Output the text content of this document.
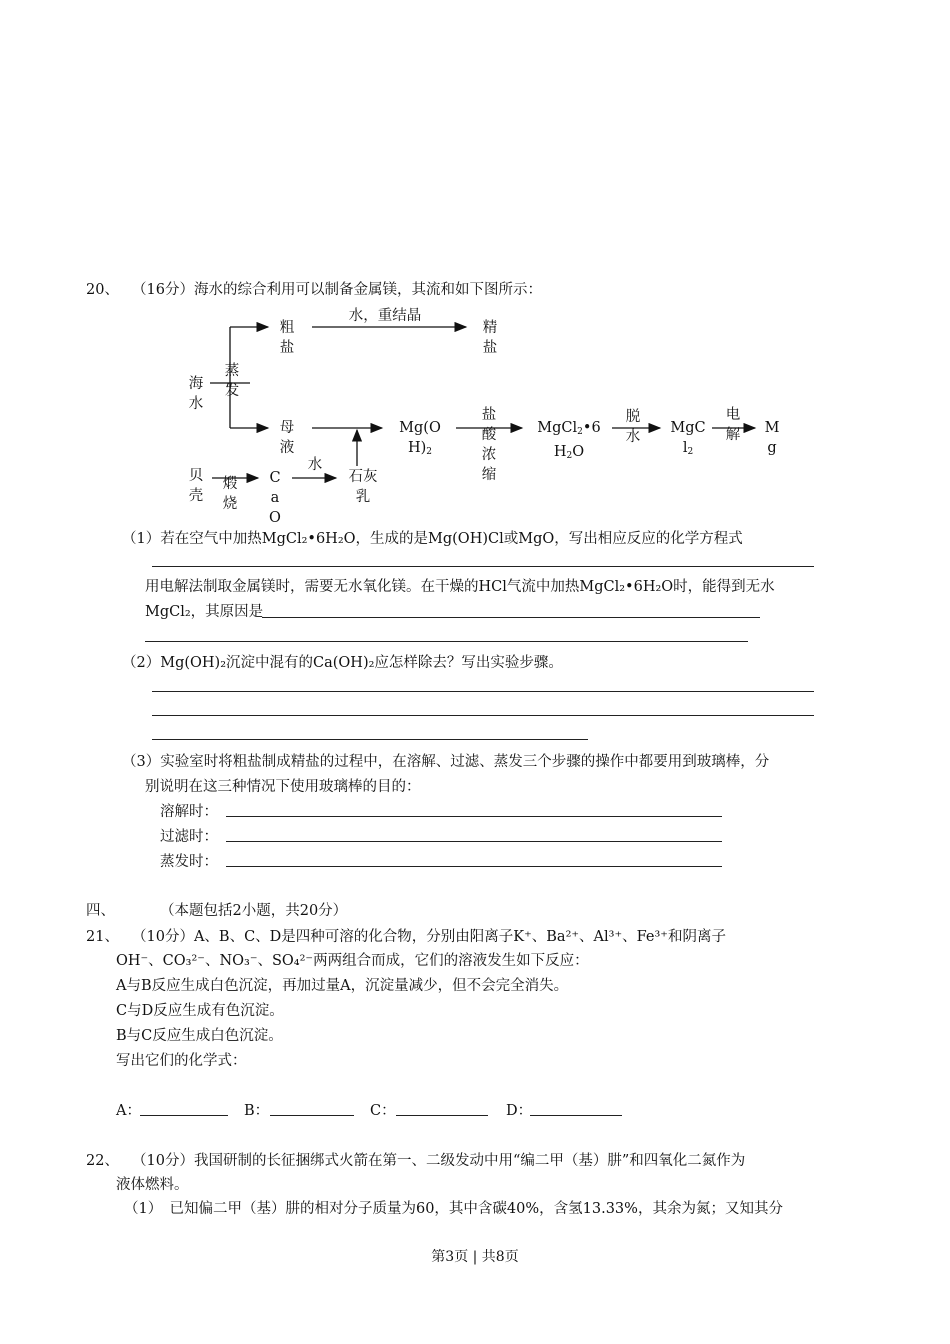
20、 （16分）海水的综合利用可以制备金属镁，其流和如下图所示：
海
水
蒸
发
粗
盐
水，重结晶
精
盐
母
液
Mg(O
$H)_2$
盐
酸
浓
缩
MgCl$_2$•6
$H_2O$
脱
水
MgC
$l_2$
电
解 M
g
贝
壳
煅
烧
C
a
O
水
石灰
乳
（1）若在空气中加热MgCl₂•6H₂O，生成的是Mg(OH)Cl或MgO，写出相应反应的化学方程式
用电解法制取金属镁时，需要无水氧化镁。在干燥的HCl气流中加热MgCl₂•6H₂O时，能得到无水
MgCl₂，其原因是
（2）Mg(OH)₂沉淀中混有的Ca(OH)₂应怎样除去？写出实验步骤。
（3）实验室时将粗盐制成精盐的过程中，在溶解、过滤、蒸发三个步骤的操作中都要用到玻璃棒，分
别说明在这三种情况下使用玻璃棒的目的：
溶解时：
过滤时：
蒸发时：
四、	（本题包括2小题，共20分）
21、 （10分）A、B、C、D是四种可溶的化合物，分别由阳离子K⁺、Ba²⁺、Al³⁺、Fe³⁺和阴离子
OH⁻、CO₃²⁻、NO₃⁻、SO₄²⁻两两组合而成，它们的溶液发生如下反应：
A与B反应生成白色沉淀，再加过量A，沉淀量减少，但不会完全消失。
C与D反应生成有色沉淀。
B与C反应生成白色沉淀。
写出它们的化学式：
A：	B：	C：	D：
22、 （10分）我国研制的长征捆绑式火箭在第一、二级发动中用“编二甲（基）肼”和四氧化二氮作为
液体燃料。
（1）　已知偏二甲（基）肼的相对分子质量为60，其中含碳40%，含氢13.33%，其余为氮；又知其分
第3页 | 共8页
